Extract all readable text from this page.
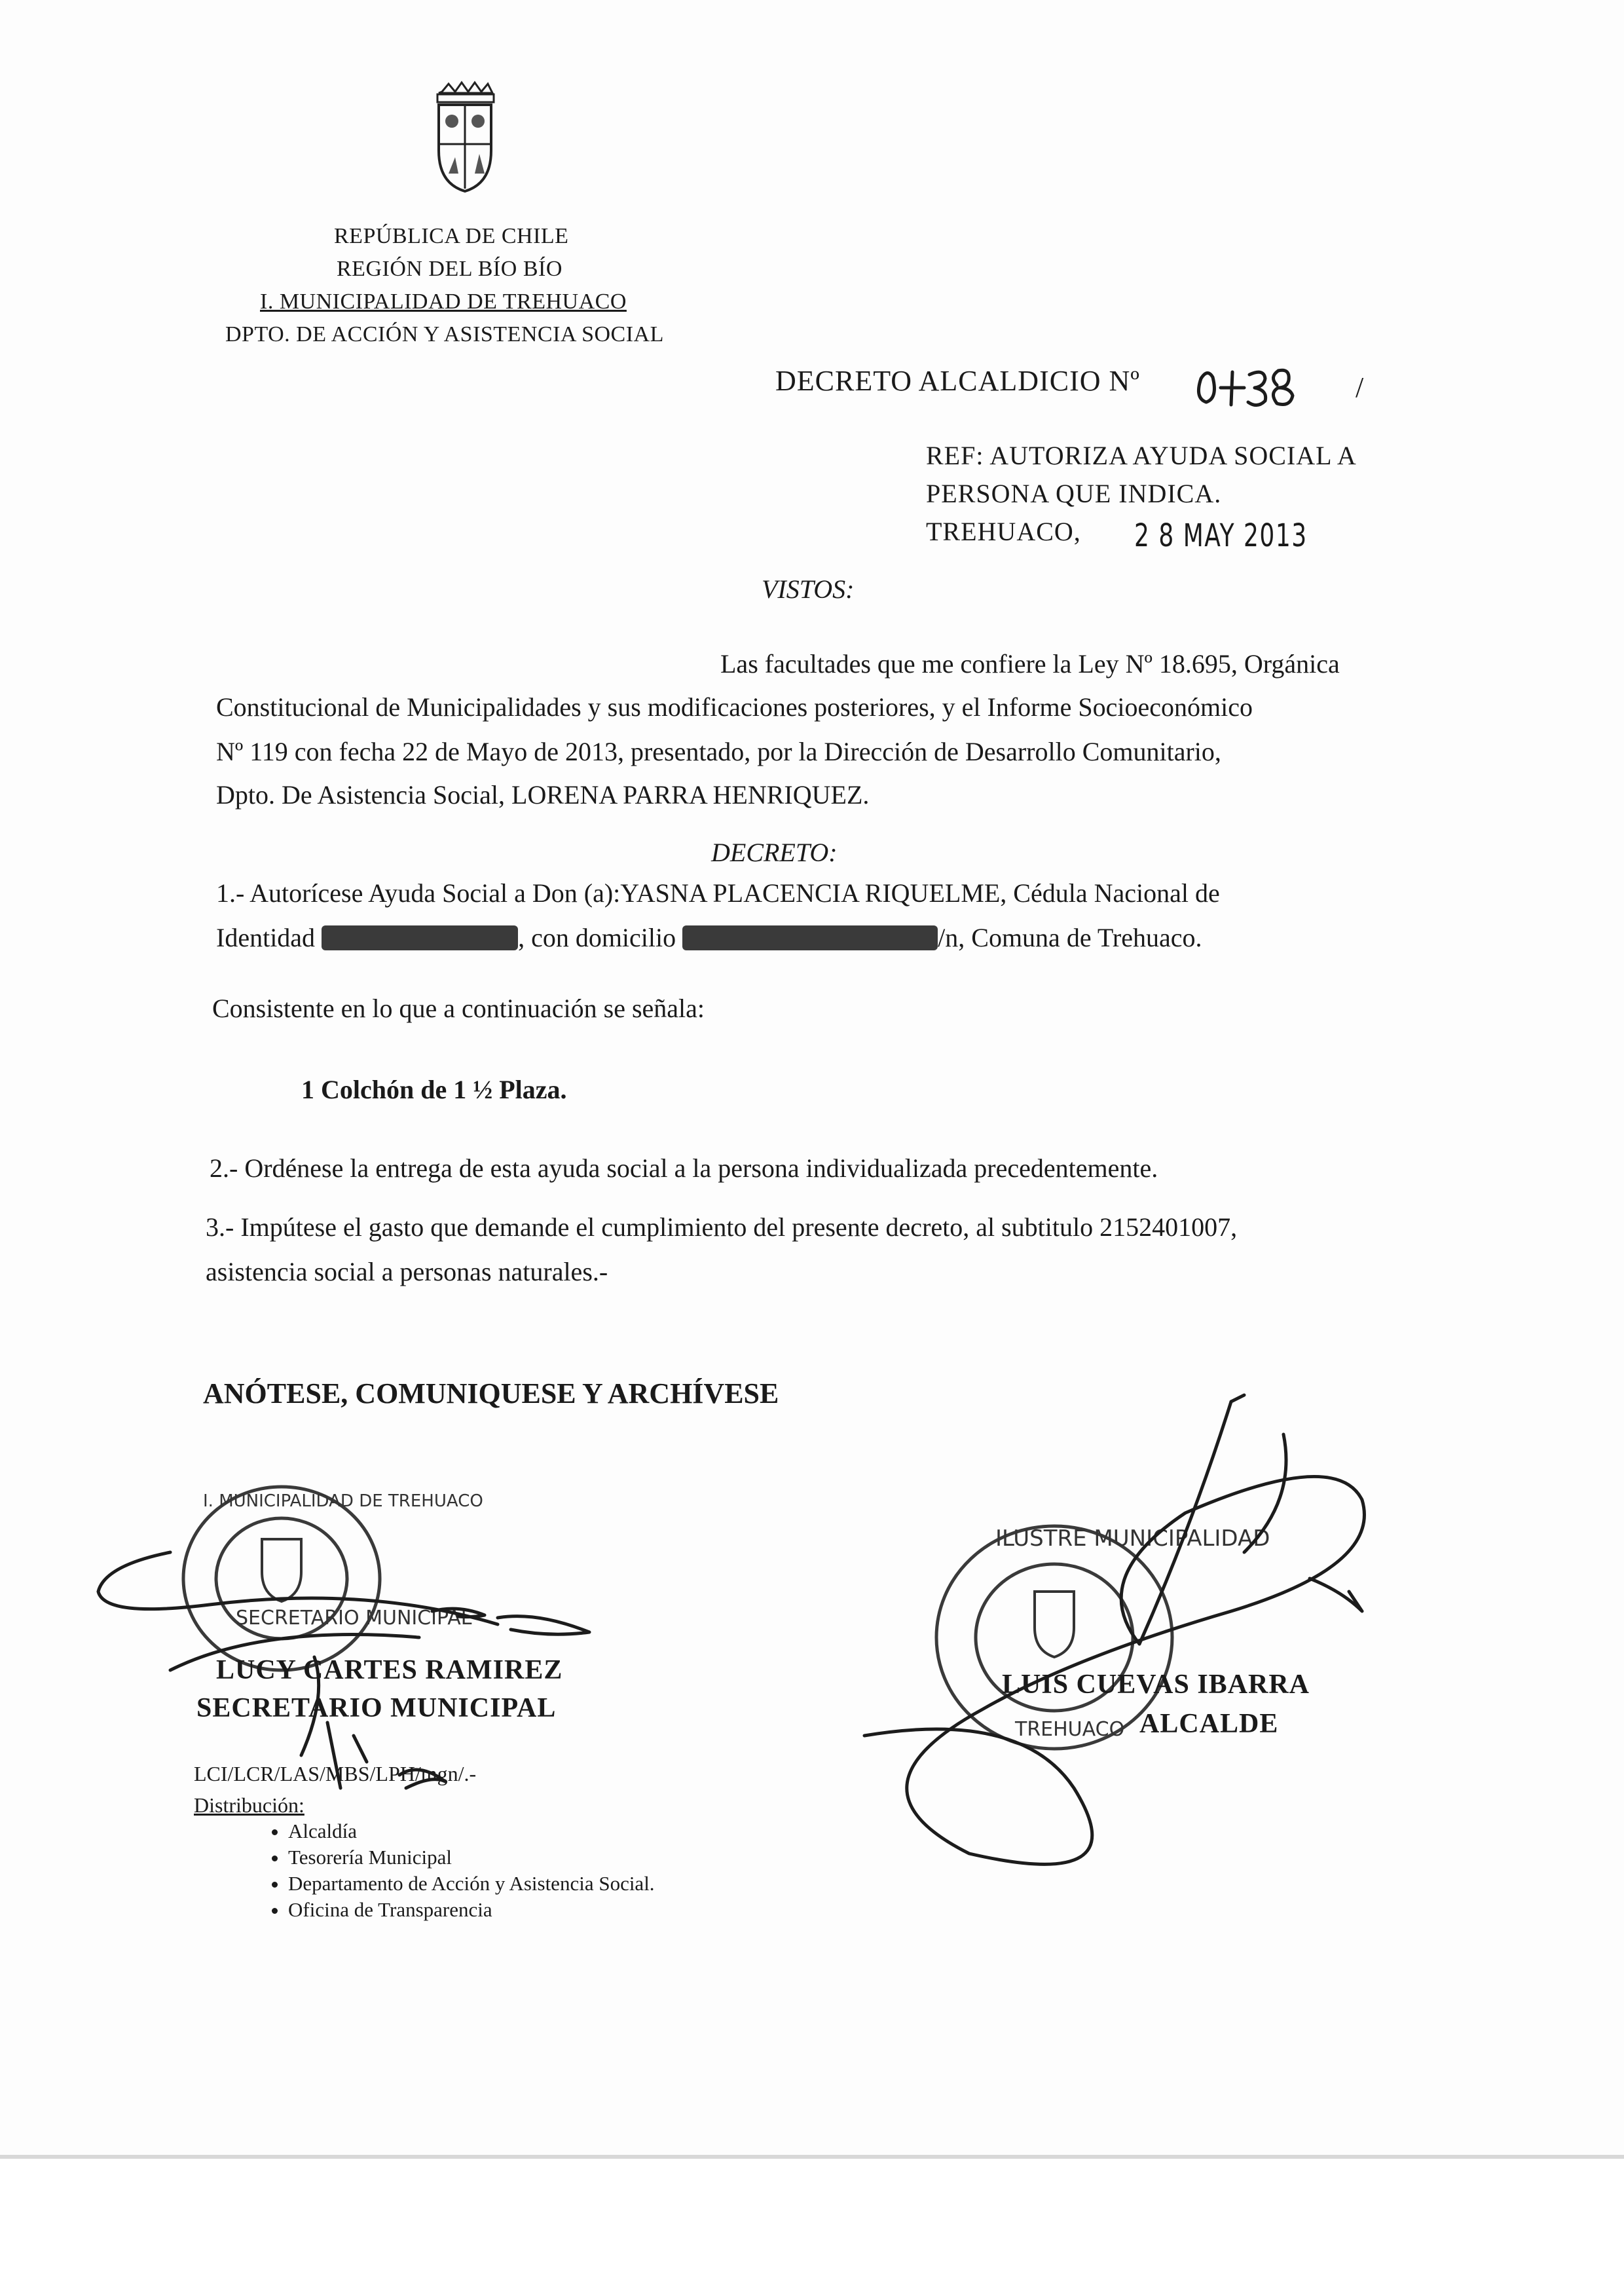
REPÚBLICA DE CHILE
REGIÓN DEL BÍO BÍO
I. MUNICIPALIDAD DE TREHUACO
DPTO. DE ACCIÓN Y ASISTENCIA SOCIAL
DECRETO ALCALDICIO Nº
0438
/
REF: AUTORIZA AYUDA SOCIAL A
PERSONA QUE INDICA.
TREHUACO, 2 8 MAY 2013
VISTOS:
Las facultades que me confiere la Ley Nº 18.695, Orgánica
Constitucional de Municipalidades y sus modificaciones posteriores, y el Informe Socioeconómico
Nº 119 con fecha 22 de Mayo de 2013, presentado, por la Dirección de Desarrollo Comunitario,
Dpto. De Asistencia Social, LORENA PARRA HENRIQUEZ.
DECRETO:
1.- Autorícese Ayuda Social a Don (a):YASNA PLACENCIA RIQUELME, Cédula Nacional de
Identidad	, con domicilio	/n, Comuna de Trehuaco.
Consistente en lo que a continuación se señala:
1 Colchón de 1 ½ Plaza.
2.- Ordénese la entrega de esta ayuda social a la persona individualizada precedentemente.
3.- Impútese el gasto que demande el cumplimiento del presente decreto, al subtitulo 2152401007,
asistencia social a personas naturales.-
ANÓTESE, COMUNIQUESE Y ARCHÍVESE
SECRETARIO MUNICIPAL
I. MUNICIPALIDAD DE TREHUACO
ILUSTRE MUNICIPALIDAD
TREHUACO
LUCY CARTES RAMIREZ
SECRETARIO MUNICIPAL
LUIS CUEVAS IBARRA
ALCALDE
LCI/LCR/LAS/MBS/LPH/mgn/.-
Distribución:
• Alcaldía
• Tesorería Municipal
• Departamento de Acción y Asistencia Social.
• Oficina de Transparencia
